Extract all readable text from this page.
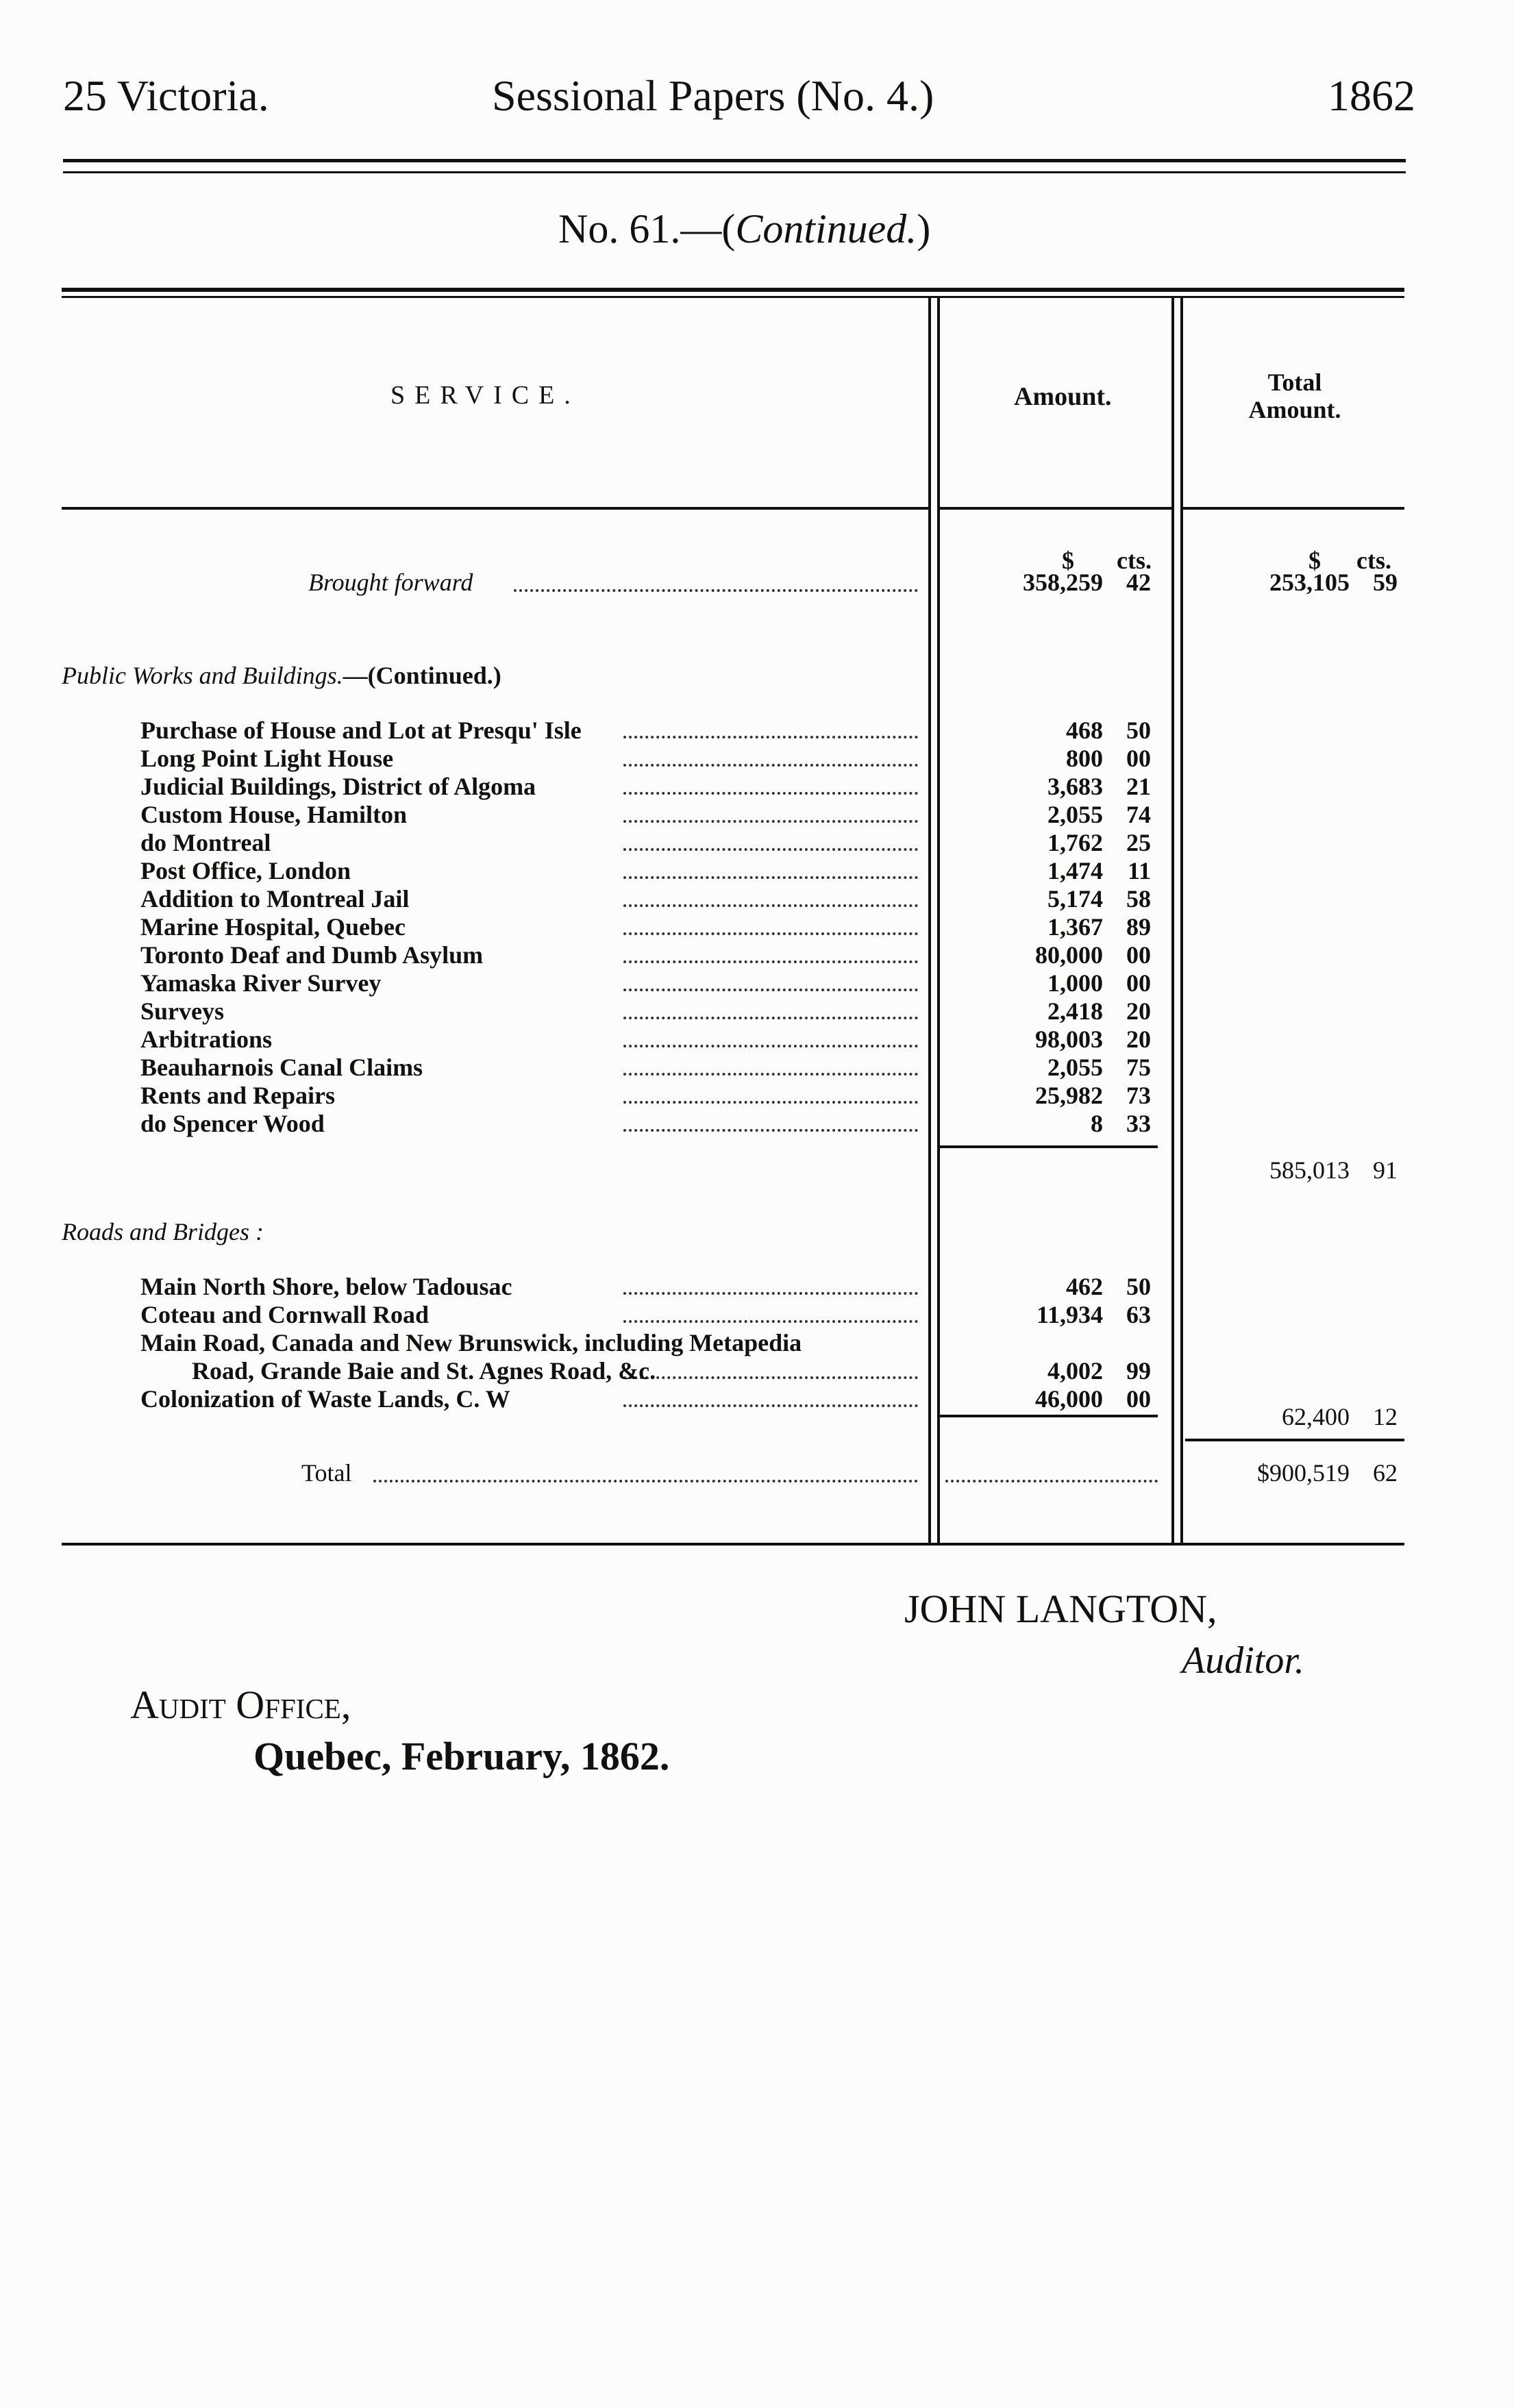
25 Victoria.	Sessional Papers (No. 4.)	1862
No. 61.—(Continued.)
SERVICE.	Amount.	Total
Amount.
$ cts.	$ cts.
Brought forward	358,259 42	253,105 59
Public Works and Buildings.—(Continued.)
Purchase of House and Lot at Presqu' Isle	468 50
Long Point Light House	800 00
Judicial Buildings, District of Algoma	3,683 21
Custom House, Hamilton	2,055 74
do Montreal	1,762 25
Post Office, London	1,474 11
Addition to Montreal Jail	5,174 58
Marine Hospital, Quebec	1,367 89
Toronto Deaf and Dumb Asylum	80,000 00
Yamaska River Survey	1,000 00
Surveys	2,418 20
Arbitrations	98,003 20
Beauharnois Canal Claims	2,055 75
Rents and Repairs	25,982 73
do Spencer Wood	8 33
585,013 91
Roads and Bridges :
Main North Shore, below Tadousac	462 50
Coteau and Cornwall Road	11,934 63
Main Road, Canada and New Brunswick, including Metapedia
Road, Grande Baie and St. Agnes Road, &c.	4,002 99
Colonization of Waste Lands, C. W	46,000 00
62,400 12
Total	$900,519 62
JOHN LANGTON,
Auditor.
Audit Office,
Quebec, February, 1862.
